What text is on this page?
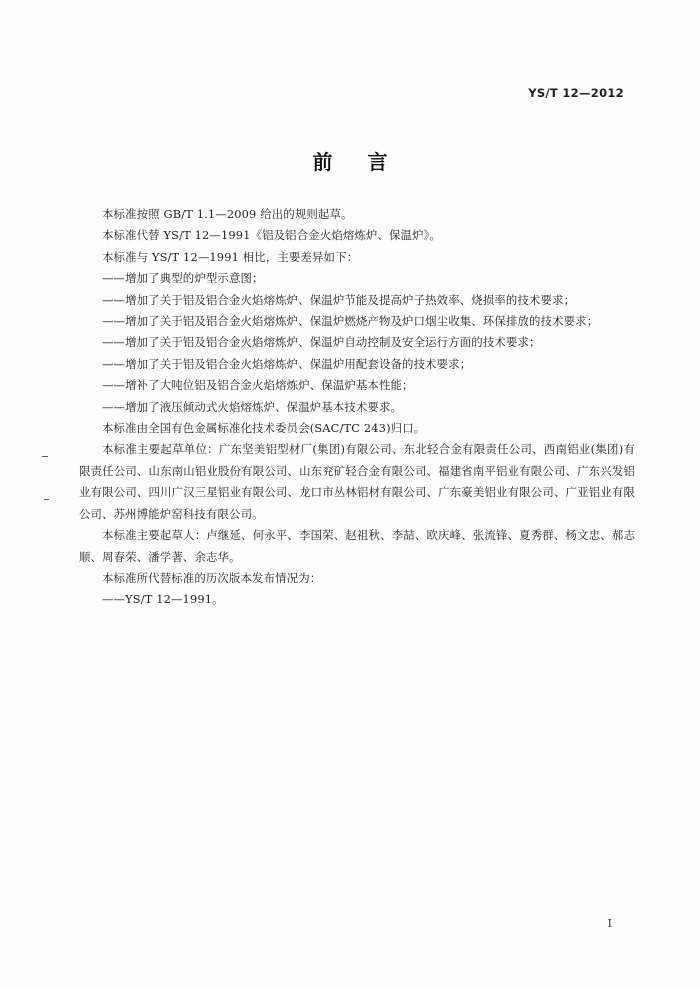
YS/T 12—2012
前 言

本标准按照 GB/T 1.1—2009 给出的规则起草。

本标准代替 YS/T 12—1991《铝及铝合金火焰熔炼炉、保温炉》。

本标准与 YS/T 12—1991 相比，主要差异如下：

——增加了典型的炉型示意图；

——增加了关于铝及铝合金火焰熔炼炉、保温炉节能及提高炉子热效率、烧损率的技术要求；

——增加了关于铝及铝合金火焰熔炼炉、保温炉燃烧产物及炉口烟尘收集、环保排放的技术要求；

——增加了关于铝及铝合金火焰熔炼炉、保温炉自动控制及安全运行方面的技术要求；

——增加了关于铝及铝合金火焰熔炼炉、保温炉用配套设备的技术要求；

——增补了大吨位铝及铝合金火焰熔炼炉、保温炉基本性能；

——增加了液压倾动式火焰熔炼炉、保温炉基本技术要求。

本标准由全国有色金属标准化技术委员会(SAC/TC 243)归口。

本标准主要起草单位：广东坚美铝型材厂(集团)有限公司、东北轻合金有限责任公司、西南铝业(集团)有限责任公司、山东南山铝业股份有限公司、山东兖矿轻合金有限公司、福建省南平铝业有限公司、广东兴发铝业有限公司、四川广汉三星铝业有限公司、龙口市丛林铝材有限公司、广东豪美铝业有限公司、广亚铝业有限公司、苏州博能炉窑科技有限公司。

本标准主要起草人：卢继延、何永平、李国荣、赵祖秋、李喆、欧庆峰、张流锋、夏秀群、杨文忠、郝志顺、周春荣、潘学著、余志华。

本标准所代替标准的历次版本发布情况为：

——YS/T 12—1991。

I
